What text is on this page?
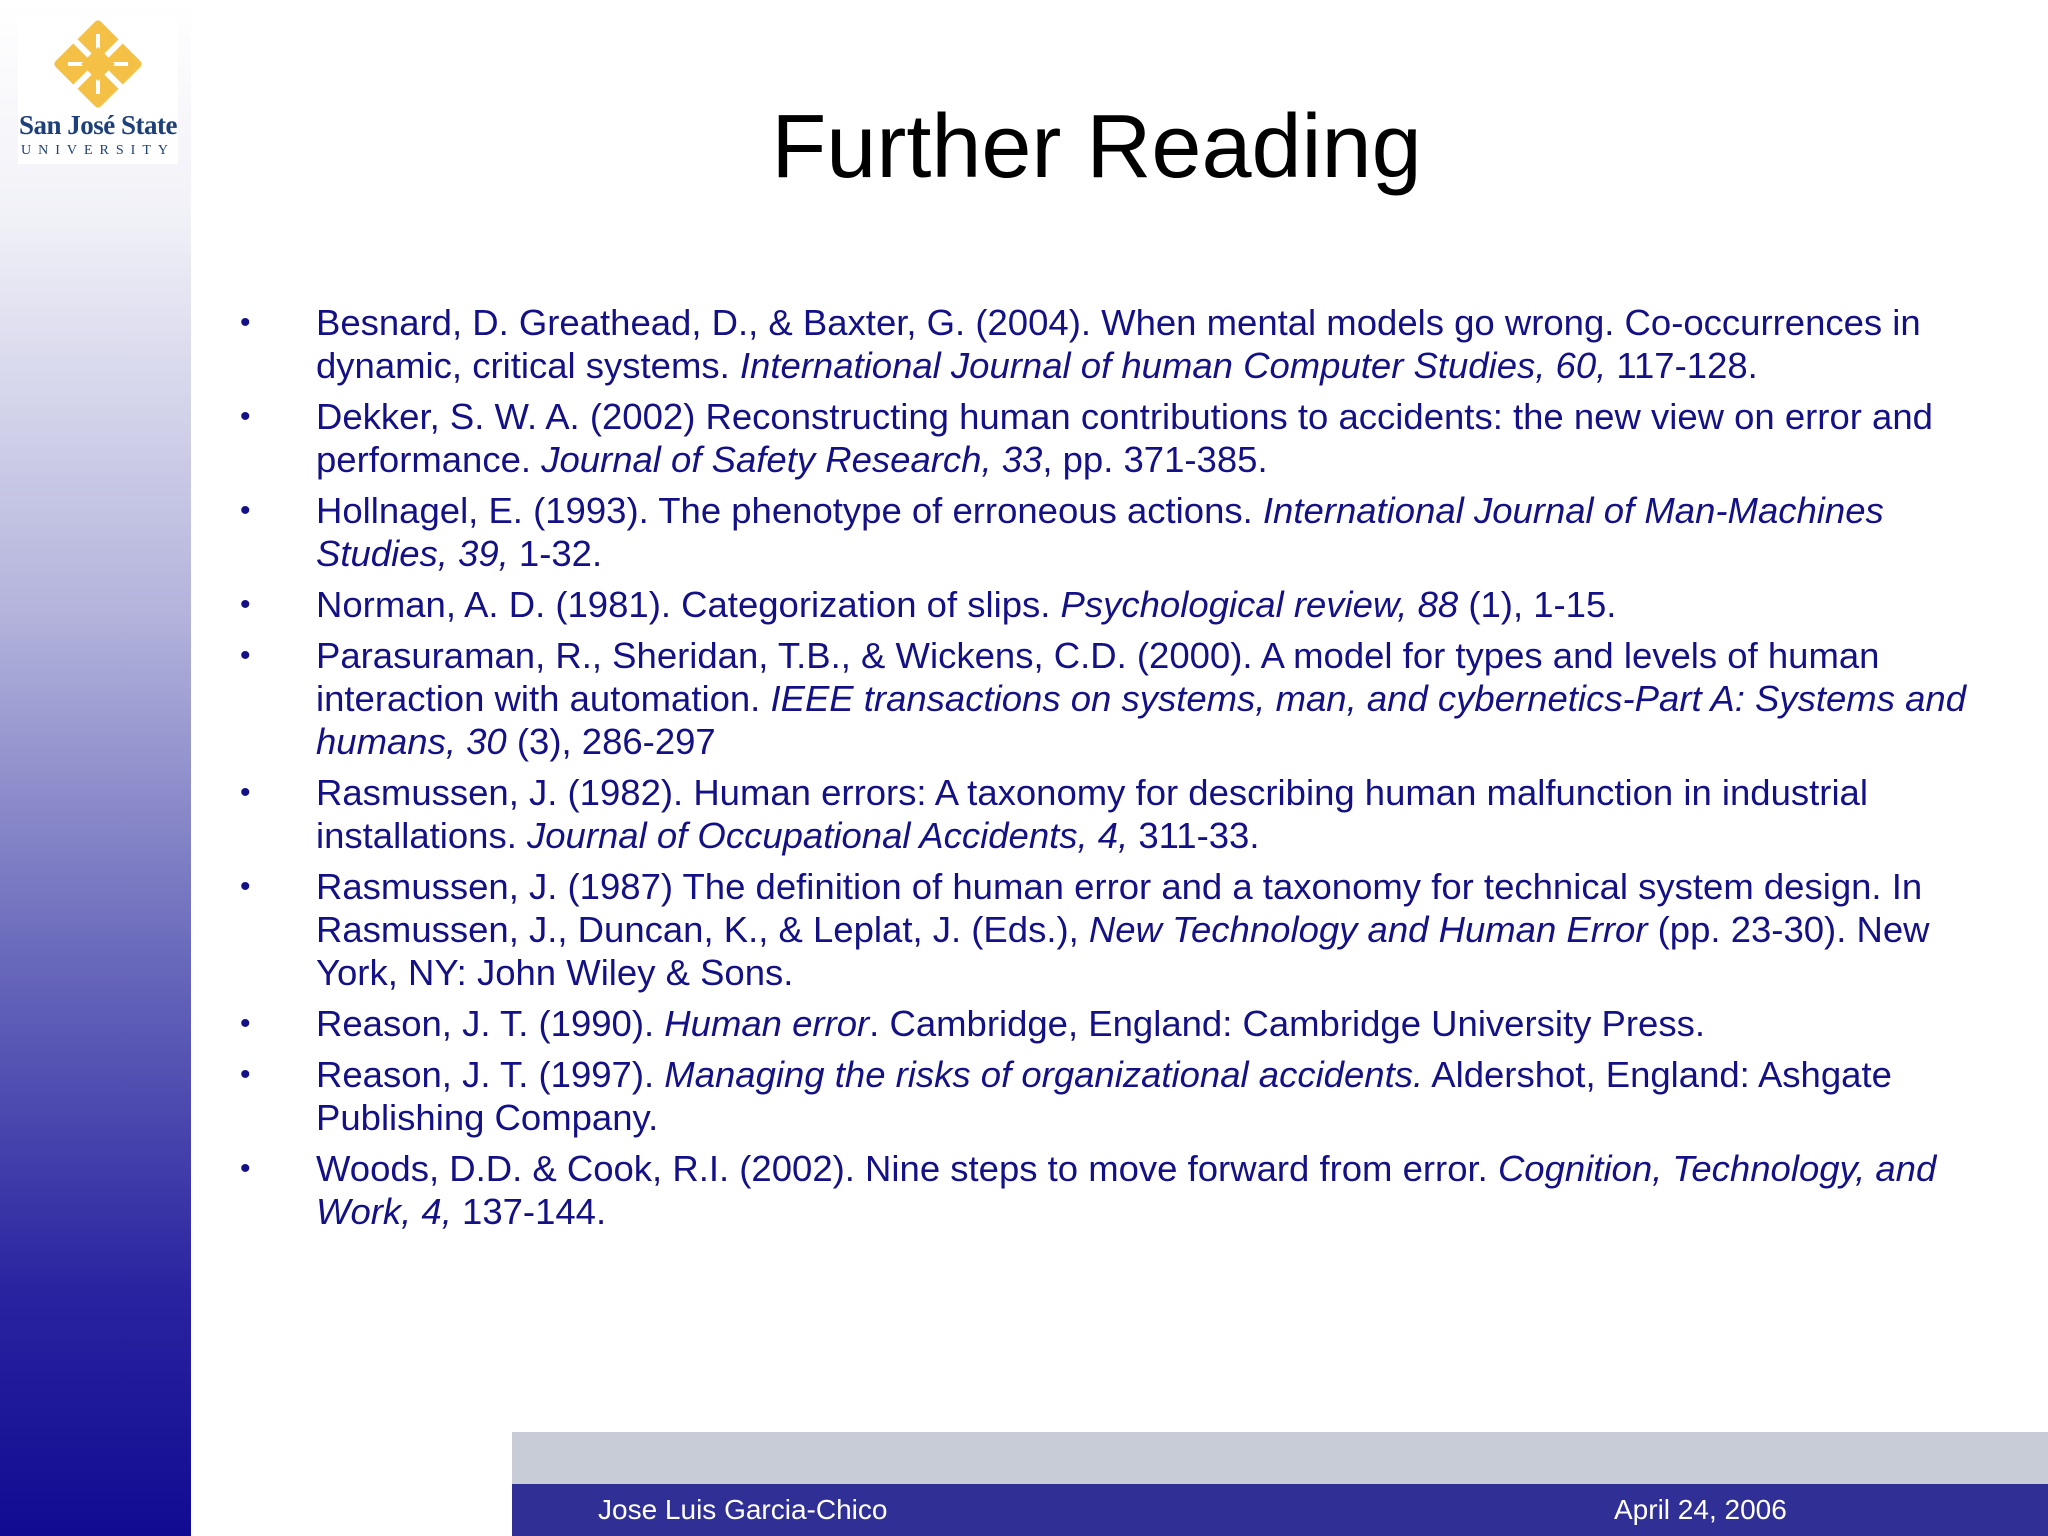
San José State
UNIVERSITY	Further Reading
• Besnard, D. Greathead, D., & Baxter, G. (2004). When mental models go wrong. Co-occurrences in dynamic, critical systems. International Journal of human Computer Studies, 60, 117-128.
• Dekker, S. W. A. (2002) Reconstructing human contributions to accidents: the new view on error and performance. Journal of Safety Research, 33, pp. 371-385.
• Hollnagel, E. (1993). The phenotype of erroneous actions. International Journal of Man-Machines Studies, 39, 1-32.
• Norman, A. D. (1981). Categorization of slips. Psychological review, 88 (1), 1-15.
• Parasuraman, R., Sheridan, T.B., & Wickens, C.D. (2000). A model for types and levels of human interaction with automation. IEEE transactions on systems, man, and cybernetics-Part A: Systems and humans, 30 (3), 286-297
• Rasmussen, J. (1982). Human errors: A taxonomy for describing human malfunction in industrial installations. Journal of Occupational Accidents, 4, 311-33.
• Rasmussen, J. (1987) The definition of human error and a taxonomy for technical system design. In Rasmussen, J., Duncan, K., & Leplat, J. (Eds.), New Technology and Human Error (pp. 23-30). New York, NY: John Wiley & Sons.
• Reason, J. T. (1990). Human error. Cambridge, England: Cambridge University Press.
• Reason, J. T. (1997). Managing the risks of organizational accidents. Aldershot, England: Ashgate Publishing Company.
• Woods, D.D. & Cook, R.I. (2002). Nine steps to move forward from error. Cognition, Technology, and Work, 4, 137-144.
Jose Luis Garcia-Chico	April 24, 2006
